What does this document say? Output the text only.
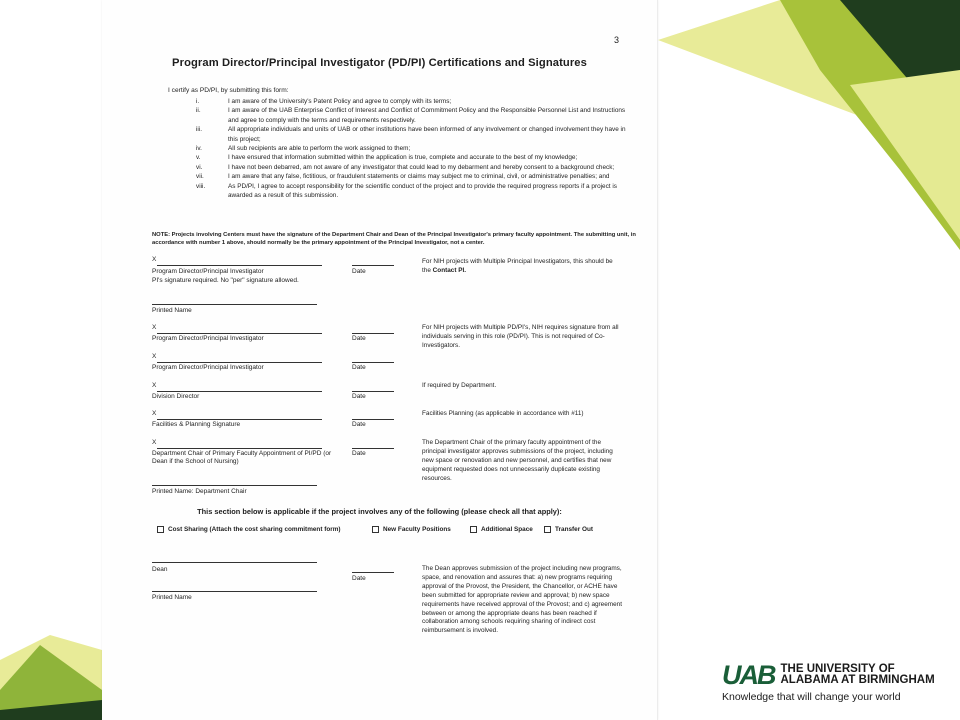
3
Program Director/Principal Investigator (PD/PI) Certifications and Signatures
I certify as PD/PI, by submitting this form:
i.	I am aware of the University's Patent Policy and agree to comply with its terms;
ii.	I am aware of the UAB Enterprise Conflict of Interest and Conflict of Commitment Policy and the Responsible Personnel List and Instructions and agree to comply with the terms and requirements respectively.
iii.	All appropriate individuals and units of UAB or other institutions have been informed of any involvement or changed involvement they have in this project;
iv.	All sub recipients are able to perform the work assigned to them;
v.	I have ensured that information submitted within the application is true, complete and accurate to the best of my knowledge;
vi.	I have not been debarred, am not aware of any investigator that could lead to my debarment and hereby consent to a background check;
vii.	I am aware that any false, fictitious, or fraudulent statements or claims may subject me to criminal, civil, or administrative penalties; and
viii.	As PD/PI, I agree to accept responsibility for the scientific conduct of the project and to provide the required progress reports if a project is awarded as a result of this submission.
NOTE: Projects involving Centers must have the signature of the Department Chair and Dean of the Principal Investigator's primary faculty appointment. The submitting unit, in accordance with number 1 above, should normally be the primary appointment of the Principal Investigator, not a center.
X
Program Director/Principal Investigator
PI's signature required. No "per" signature allowed.
Date
For NIH projects with Multiple Principal Investigators, this should be the Contact PI.
Printed Name
X
Program Director/Principal Investigator	Date
For NIH projects with Multiple PD/PI's, NIH requires signature from all individuals serving in this role (PD/PI). This is not required of Co-Investigators.
X
Program Director/Principal Investigator	Date
X
Division Director	Date
If required by Department.
X
Facilities & Planning Signature	Date
Facilities Planning (as applicable in accordance with #11)
X
Department Chair of Primary Faculty Appointment of PI/PD (or Dean if the School of Nursing)
Date
The Department Chair of the primary faculty appointment of the principal investigator approves submissions of the project, including new space or renovation and new personnel, and certifies that new equipment requested does not unnecessarily duplicate existing resources.
Printed Name: Department Chair
This section below is applicable if the project involves any of the following (please check all that apply):
Cost Sharing (Attach the cost sharing commitment form)	New Faculty Positions	Additional Space	Transfer Out
Dean
Date
The Dean approves submission of the project including new programs, space, and renovation and assures that: a) new programs requiring approval of the Provost, the President, the Chancellor, or ACHE have been submitted for appropriate review and approval; b) new space requirements have received approval of the Provost; and c) agreement between or among the appropriate deans has been reached if collaboration among schools requiring sharing of indirect cost reimbursement is involved.
Printed Name
UAB THE UNIVERSITY OF
ALABAMA AT BIRMINGHAM
Knowledge that will change your world
